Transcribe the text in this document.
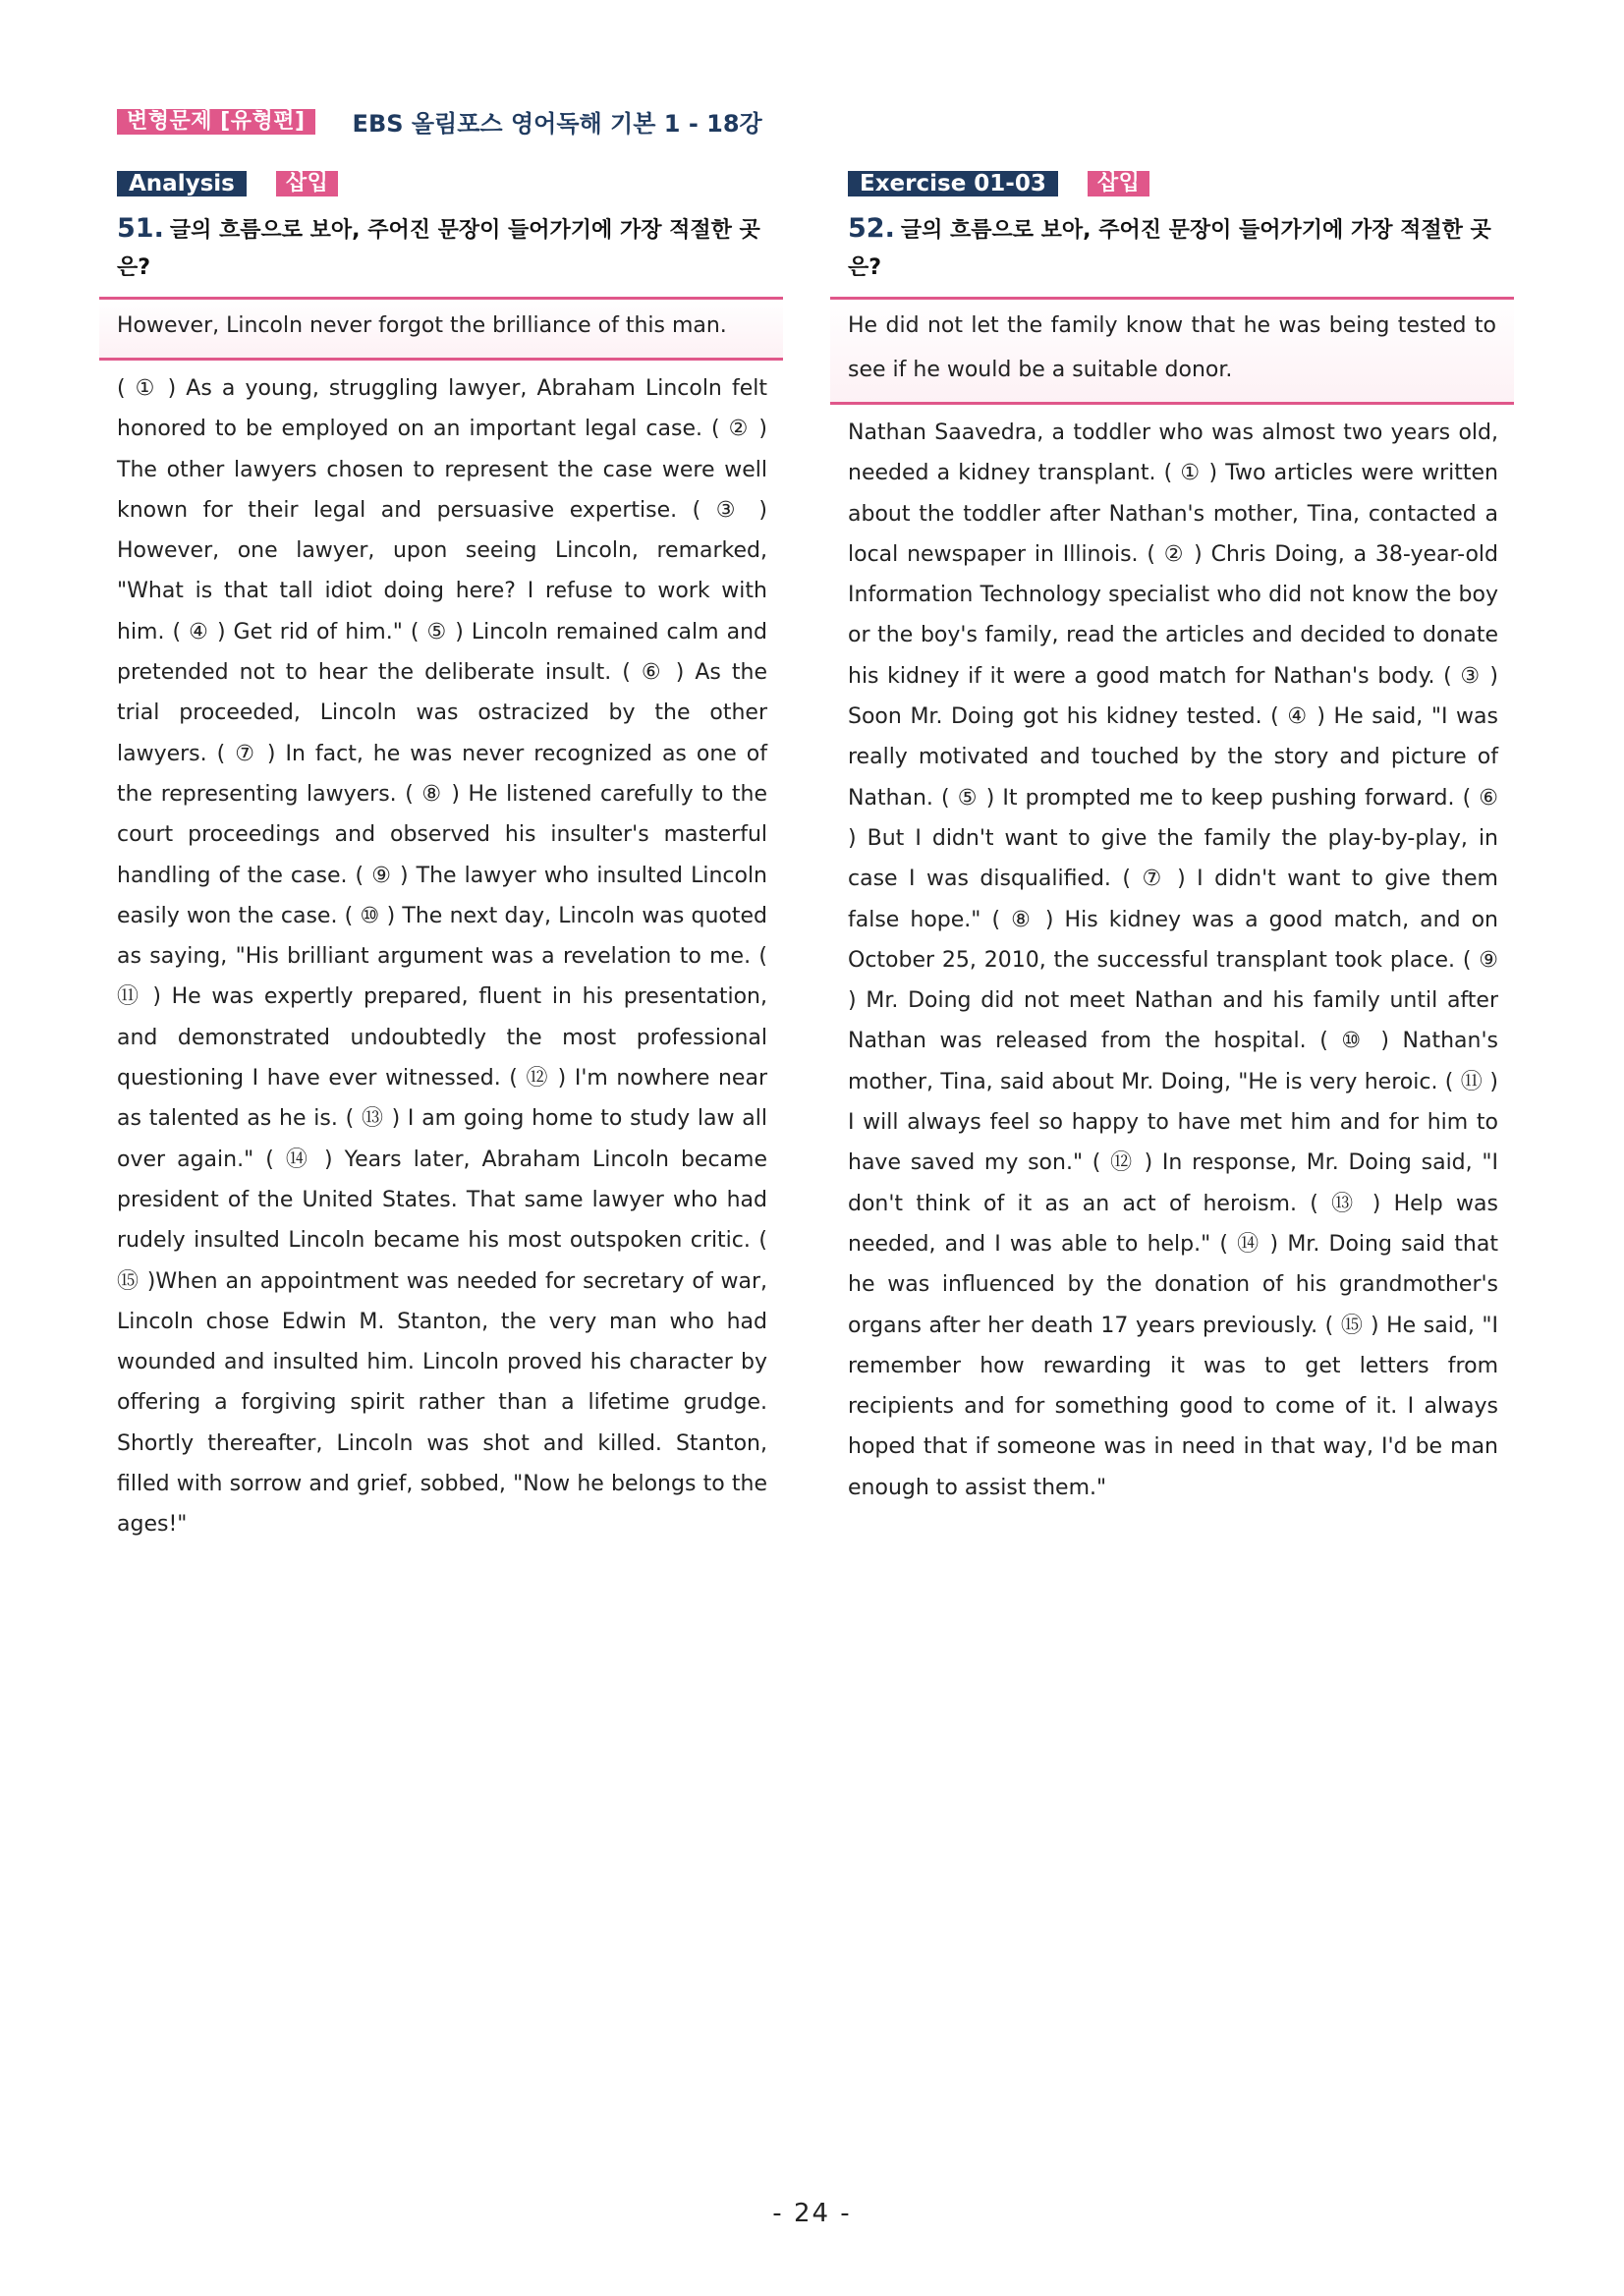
변형문제 [유형편]	EBS 올림포스 영어독해 기본 1 - 18강
Analysis	삽입
51. 글의 흐름으로 보아, 주어진 문장이 들어가기에 가장 적절한 곳은?
However, Lincoln never forgot the brilliance of this man.
( ① ) As a young, struggling lawyer, Abraham Lincoln felt honored to be employed on an important legal case. ( ② ) The other lawyers chosen to represent the case were well known for their legal and persuasive expertise. ( ③ ) However, one lawyer, upon seeing Lincoln, remarked, "What is that tall idiot doing here? I refuse to work with him. ( ④ ) Get rid of him." ( ⑤ ) Lincoln remained calm and pretended not to hear the deliberate insult. ( ⑥ ) As the trial proceeded, Lincoln was ostracized by the other lawyers. ( ⑦ ) In fact, he was never recognized as one of the representing lawyers. ( ⑧ ) He listened carefully to the court proceedings and observed his insulter's masterful handling of the case. ( ⑨ ) The lawyer who insulted Lincoln easily won the case. ( ⑩ ) The next day, Lincoln was quoted as saying, "His brilliant argument was a revelation to me. ( ⑪ ) He was expertly prepared, fluent in his presentation, and demonstrated undoubtedly the most professional questioning I have ever witnessed. ( ⑫ ) I'm nowhere near as talented as he is. ( ⑬ ) I am going home to study law all over again." ( ⑭ ) Years later, Abraham Lincoln became president of the United States. That same lawyer who had rudely insulted Lincoln became his most outspoken critic. ( ⑮ )When an appointment was needed for secretary of war, Lincoln chose Edwin M. Stanton, the very man who had wounded and insulted him. Lincoln proved his character by offering a forgiving spirit rather than a lifetime grudge. Shortly thereafter, Lincoln was shot and killed. Stanton, filled with sorrow and grief, sobbed, "Now he belongs to the ages!"
Exercise 01-03	삽입
52. 글의 흐름으로 보아, 주어진 문장이 들어가기에 가장 적절한 곳은?
He did not let the family know that he was being tested to see if he would be a suitable donor.
Nathan Saavedra, a toddler who was almost two years old, needed a kidney transplant. ( ① ) Two articles were written about the toddler after Nathan's mother, Tina, contacted a local newspaper in Illinois. ( ② ) Chris Doing, a 38-year-old Information Technology specialist who did not know the boy or the boy's family, read the articles and decided to donate his kidney if it were a good match for Nathan's body. ( ③ ) Soon Mr. Doing got his kidney tested. ( ④ ) He said, "I was really motivated and touched by the story and picture of Nathan. ( ⑤ ) It prompted me to keep pushing forward. ( ⑥ ) But I didn't want to give the family the play-by-play, in case I was disqualified. ( ⑦ ) I didn't want to give them false hope." ( ⑧ ) His kidney was a good match, and on October 25, 2010, the successful transplant took place. ( ⑨ ) Mr. Doing did not meet Nathan and his family until after Nathan was released from the hospital. ( ⑩ ) Nathan's mother, Tina, said about Mr. Doing, "He is very heroic. ( ⑪ ) I will always feel so happy to have met him and for him to have saved my son." ( ⑫ ) In response, Mr. Doing said, "I don't think of it as an act of heroism. ( ⑬ ) Help was needed, and I was able to help." ( ⑭ ) Mr. Doing said that he was influenced by the donation of his grandmother's organs after her death 17 years previously. ( ⑮ ) He said, "I remember how rewarding it was to get letters from recipients and for something good to come of it. I always hoped that if someone was in need in that way, I'd be man enough to assist them."
- 24 -
